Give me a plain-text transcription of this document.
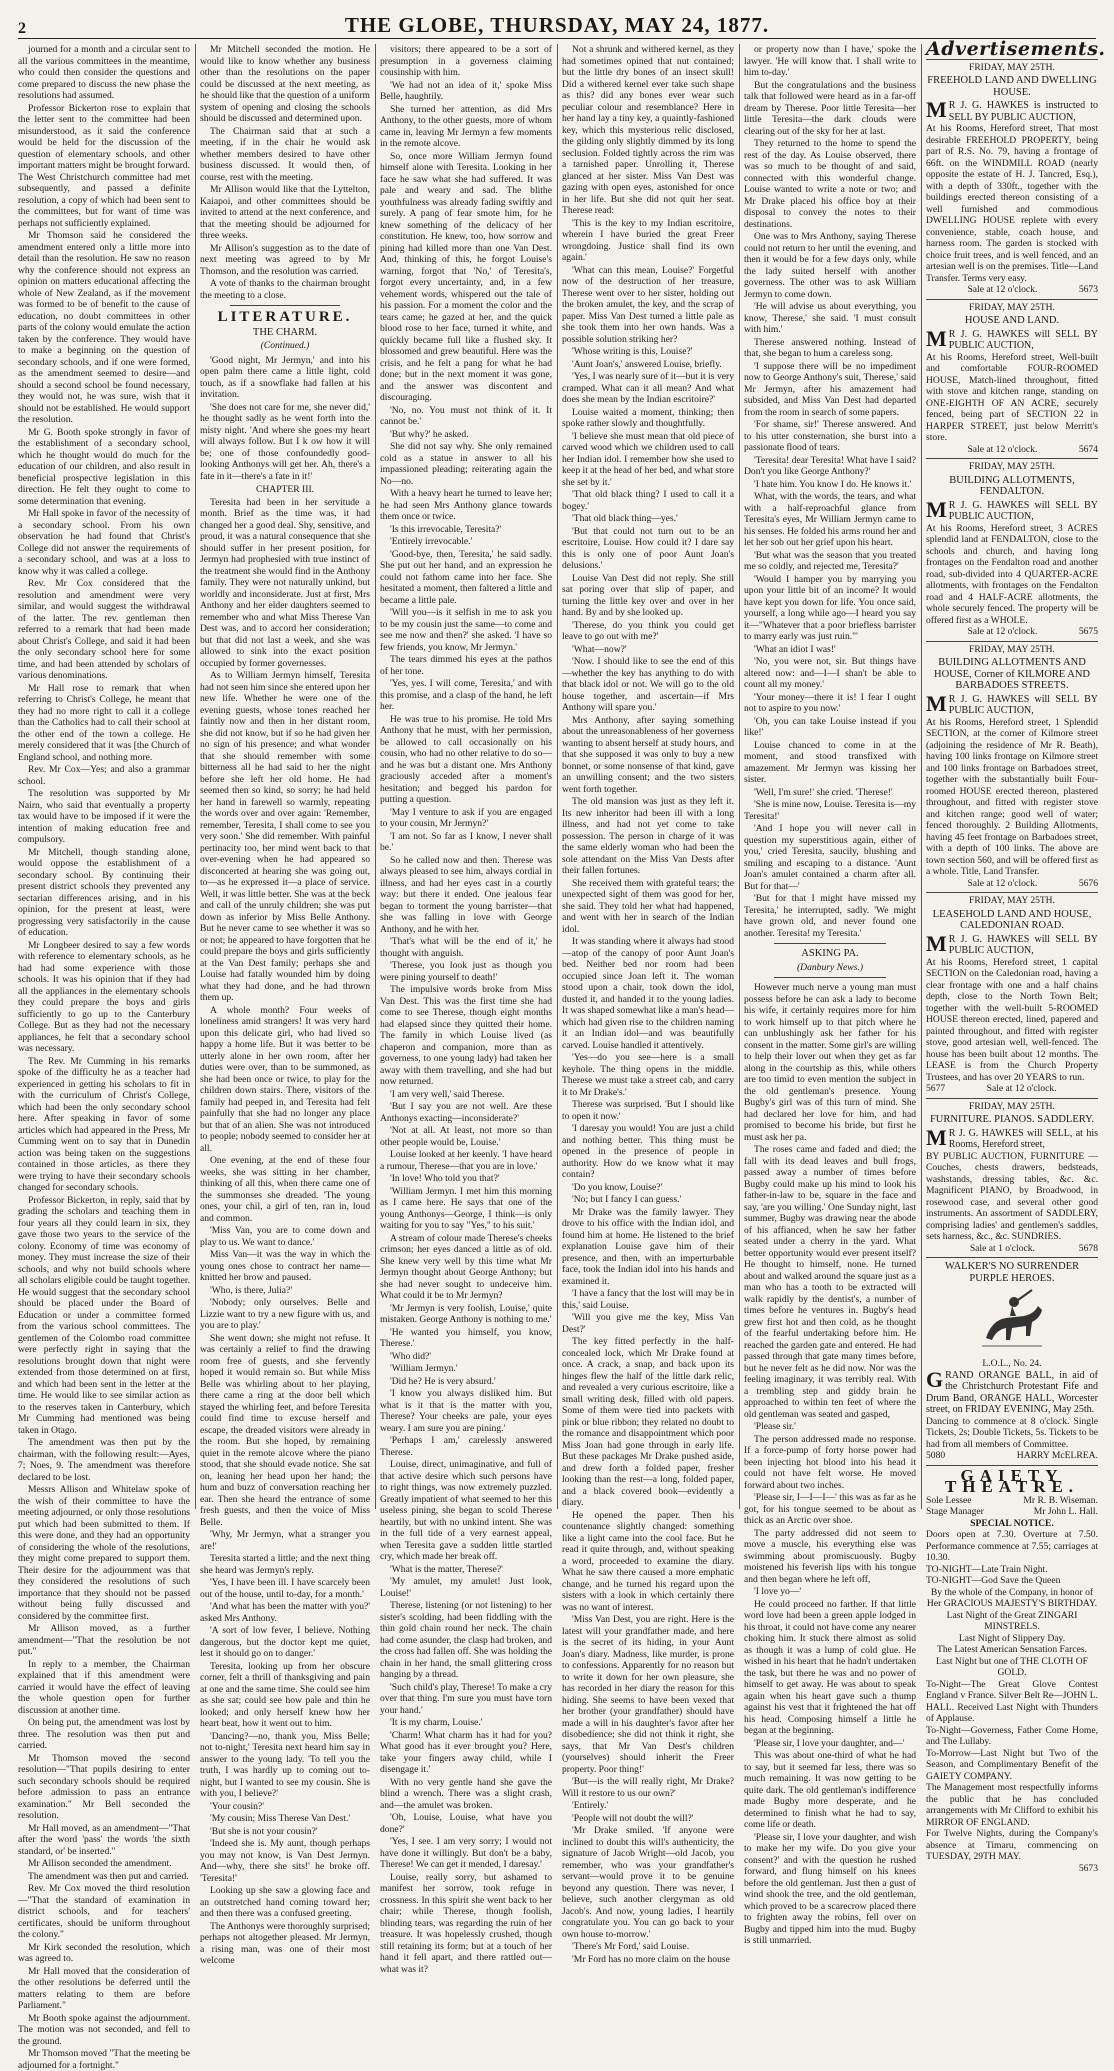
2	THE GLOBE, THURSDAY, MAY 24, 1877.

journed for a month and a circular sent to all the various committees in the meantime, who could then consider the questions and come prepared to discuss the new phase the resolutions had assumed.

Professor Bickerton rose to explain that the letter sent to the committee had been misunderstood, as it said the conference would be held for the discussion of the question of elementary schools, and other important matters might be brought forward. The West Christchurch committee had met subsequently, and passed a definite resolution, a copy of which had been sent to the committees, but for want of time was perhaps not sufficiently explained.

Mr Thomson said he considered the amendment entered only a little more into detail than the resolution. He saw no reason why the conference should not express an opinion on matters educational affecting the whole of New Zealand, as if the movement was formed to be of benefit to the cause of education, no doubt committees in other parts of the colony would emulate the action taken by the conference. They would have to make a beginning on the question of secondary schools, and if one were formed, as the amendment seemed to desire—and should a second school be found necessary, they would not, he was sure, wish that it should not be established. He would support the resolution.

Mr G. Booth spoke strongly in favor of the establishment of a secondary school, which he thought would do much for the education of our children, and also result in beneficial prospective legislation in this direction. He felt they ought to come to some determination that evening.

Mr Hall spoke in favor of the necessity of a secondary school. From his own observation he had found that Christ's College did not answer the requirements of a secondary school, and was at a loss to know why it was called a college.

Rev. Mr Cox considered that the resolution and amendment were very similar, and would suggest the withdrawal of the latter. The rev. gentleman then referred to a remark that had been made about Christ's College, and said it had been the only secondary school here for some time, and had been attended by scholars of various denominations.

Mr Hall rose to remark that when referring to Christ's College, he meant that they had no more right to call it a college than the Catholics had to call their school at the other end of the town a college. He merely considered that it was [the Church of England school, and nothing more.

Rev. Mr Cox—Yes; and also a grammar school.

The resolution was supported by Mr Nairn, who said that eventually a property tax would have to be imposed if it were the intention of making education free and compulsory.

Mr Mitchell, though standing alone, would oppose the establishment of a secondary school. By continuing their present district schools they prevented any sectarian differences arising, and in his opinion, for the present at least, were progressing very satisfactorily in the cause of education.

Mr Longbeer desired to say a few words with reference to elementary schools, as he had had some experience with those schools. It was his opinion that if they had all the appliances in the elementary schools they could prepare the boys and girls sufficiently to go up to the Canterbury College. But as they had not the necessary appliances, he felt that a secondary school was necessary.

The Rev. Mr Cumming in his remarks spoke of the difficulty he as a teacher had experienced in getting his scholars to fit in with the curriculum of Christ's College, which had been the only secondary school here. After speaking in favor of some articles which had appeared in the Press, Mr Cumming went on to say that in Dunedin action was being taken on the suggestions contained in those articles, as there they were trying to have their secondary schools changed for secondary schools.

Professor Bickerton, in reply, said that by grading the scholars and teaching them in four years all they could learn in six, they gave those two years to the service of the colony. Economy of time was economy of money. They must increase the size of their schools, and why not build schools where all scholars eligible could be taught together. He would suggest that the secondary school should be placed under the Board of Education or under a committee formed from the various school committees. The gentlemen of the Colombo road committee were perfectly right in saying that the resolutions brought down that night were extended from those determined on at first, and which had been sent in the letter at the time. He would like to see similar action as to the reserves taken in Canterbury, which Mr Cumming had mentioned was being taken in Otago.

The amendment was then put by the chairman, with the following result:—Ayes, 7; Noes, 9. The amendment was therefore declared to be lost.

Messrs Allison and Whitelaw spoke of the wish of their committee to have the meeting adjourned, or only those resolutions put which had been submitted to them. If this were done, and they had an opportunity of considering the whole of the resolutions, they might come prepared to support them. Their desire for the adjournment was that they considered the resolutions of such importance that they should not be passed without being fully discussed and considered by the committee first.

Mr Allison moved, as a further amendment—"That the resolution be not put."

In reply to a member, the Chairman explained that if this amendment were carried it would have the effect of leaving the whole question open for further discussion at another time.

On being put, the amendment was lost by three. The resolution was then put and carried.

Mr Thomson moved the second resolution—"That pupils desiring to enter such secondary schools should be required before admission to pass an entrance examination." Mr Bell seconded the resolution.

Mr Hall moved, as an amendment—"That after the word 'pass' the words 'the sixth standard, or' be inserted."

Mr Allison seconded the amendment.

The amendment was then put and carried.

Rev. Mr Cox moved the third resolution—"That the standard of examination in district schools, and for teachers' certificates, should be uniform throughout the colony."

Mr Kirk seconded the resolution, which was agreed to.

Mr Hall moved that the consideration of the other resolutions be deferred until the matters relating to them are before Parliament."

Mr Booth spoke against the adjournment. The motion was not seconded, and fell to the ground.

Mr Thomson moved "That the meeting be adjourned for a fortnight."

Mr Mitchell seconded the motion. He would like to know whether any business other than the resolutions on the paper could be discussed at the next meeting, as he should like that the question of a uniform system of opening and closing the schools should be discussed and determined upon.

The Chairman said that at such a meeting, if in the chair he would ask whether members desired to have other business discussed. It would then, of course, rest with the meeting.

Mr Allison would like that the Lyttelton, Kaiapoi, and other committees should be invited to attend at the next conference, and that the meeting should be adjourned for three weeks.

Mr Allison's suggestion as to the date of next meeting was agreed to by Mr Thomson, and the resolution was carried.

A vote of thanks to the chairman brought the meeting to a close.

LITERATURE.
THE CHARM.
(Continued.)

'Good night, Mr Jermyn,' and into his open palm there came a little light, cold touch, as if a snowflake had fallen at his invitation.

'She does not care for me, she never did,' he thought sadly as he went forth into the misty night. 'And where she goes my heart will always follow. But I k ow how it will be; one of those confoundedly good-looking Anthonys will get her. Ah, there's a fate in it—there's a fate in it!'

CHAPTER III.

Teresita had been in her servitude a month. Brief as the time was, it had changed her a good deal. Shy, sensitive, and proud, it was a natural consequence that she should suffer in her present position, for Jermyn had prophesied with true instinct of the treatment she would find in the Anthony family. They were not naturally unkind, but worldly and inconsiderate. Just at first, Mrs Anthony and her elder daughters seemed to remember who and what Miss Therese Van Dest was, and to accord her consideration; but that did not last a week, and she was allowed to sink into the exact position occupied by former governesses.

As to William Jermyn himself, Teresita had not seen him since she entered upon her new life. Whether he were one of the evening guests, whose tones reached her faintly now and then in her distant room, she did not know, but if so he had given her no sign of his presence; and what wonder that she should remember with some bitterness all he had said to her the night before she left her old home. He had seemed then so kind, so sorry; he had held her hand in farewell so warmly, repeating the words over and over again: 'Remember, remember, Teresita, I shall come to see you very soon.' She did remember. With painful pertinacity too, her mind went back to that over-evening when he had appeared so disconcerted at hearing she was going out, to—as he expressed it—a place of service. Well, it was little better. She was at the beck and call of the unruly children; she was put down as inferior by Miss Belle Anthony. But he never came to see whether it was so or not; he appeared to have forgotten that he could prepare the boys and girls sufficiently at the Van Dest family; perhaps she and Louise had fatally wounded him by doing what they had done, and he had thrown them up.

A whole month? Four weeks of loneliness amid strangers! It was very hard upon this delicate girl, who had lived so happy a home life. But it was better to be utterly alone in her own room, after her duties were over, than to be summoned, as she had been once or twice, to play for the children down stairs. There, visitors of the family had peeped in, and Teresita had felt painfully that she had no longer any place but that of an alien. She was not introduced to people; nobody seemed to consider her at all.

One evening, at the end of these four weeks, she was sitting in her chamber, thinking of all this, when there came one of the summonses she dreaded. 'The young ones, your chil, a girl of ten, ran in, loud and common.

'Miss Van, you are to come down and play to us. We want to dance.'

Miss Van—it was the way in which the young ones chose to contract her name—knitted her brow and paused.

'Who, is there, Julia?'

'Nobody; only ourselves. Belle and Lizzie want to try a new figure with us, and you are to play.'

She went down; she might not refuse. It was certainly a relief to find the drawing room free of guests, and she fervently hoped it would remain so. But while Miss Belle was whirling about to her playing, there came a ring at the door bell which stayed the whirling feet, and before Teresita could find time to excuse herself and escape, the dreaded visitors were already in the room. But she hoped, by remaining quiet in the remote alcove where the piano stood, that she should evade notice. She sat on, leaning her head upon her hand; the hum and buzz of conversation reaching her ear. Then she heard the entrance of some fresh guests, and then the voice of Miss Belle.

'Why, Mr Jermyn, what a stranger you are!'

Teresita started a little; and the next thing she heard was Jermyn's reply.

'Yes, I have been ill. I have scarcely been out of the house, until to-day, for a month.'

'And what has been the matter with you?' asked Mrs Anthony.

'A sort of low fever, I believe. Nothing dangerous, but the doctor kept me quiet, lest it should go on to danger.'

Teresita, looking up from her obscure corner, felt a thrill of thanksgiving and pain at one and the same time. She could see him as she sat; could see how pale and thin he looked; and only herself knew how her heart beat, how it went out to him.

'Dancing?—no, thank you, Miss Belle; not to-night,' Teresita next heard him say in answer to the young lady. 'To tell you the truth, I was hardly up to coming out to-night, but I wanted to see my cousin. She is with you, I believe?'

'Your cousin?'

'My cousin; Miss Therese Van Dest.'

'But she is not your cousin?'

'Indeed she is. My aunt, though perhaps you may not know, is Van Dest Jermyn. And—why, there she sits!' he broke off. 'Teresita!'

Looking up she saw a glowing face and an outstretched hand coming toward her; and then there was a confused greeting.

The Anthonys were thoroughly surprised; perhaps not altogether pleased. Mr Jermyn, a rising man, was one of their most welcome

visitors; there appeared to be a sort of presumption in a governess claiming cousinship with him.

'We had not an idea of it,' spoke Miss Belle, haughtily.

She turned her attention, as did Mrs Anthony, to the other guests, more of whom came in, leaving Mr Jermyn a few moments in the remote alcove.

So, once more William Jermyn found himself alone with Teresita. Looking in her face he saw what she had suffered. It was pale and weary and sad. The blithe youthfulness was already fading swiftly and surely. A pang of fear smote him, for he knew something of the delicacy of her constitution. He knew, too, how sorrow and pining had killed more than one Van Dest. And, thinking of this, he forgot Louise's warning, forgot that 'No,' of Teresita's, forgot every uncertainty, and, in a few vehement words, whispered out the tale of his passion. For a moment the color and the tears came; he gazed at her, and the quick blood rose to her face, turned it white, and quickly became full like a flushed sky. It blossomed and grew beautiful. Here was the crisis, and he felt a pang for what he had done; but in the next moment it was gone, and the answer was discontent and discouraging.

'No, no. You must not think of it. It cannot be.'

'But why?' he asked.

She did not say why. She only remained cold as a statue in answer to all his impassioned pleading; reiterating again the No—no.

With a heavy heart he turned to leave her; he had seen Mrs Anthony glance towards them once or twice.

'Is this irrevocable, Teresita?'

'Entirely irrevocable.'

'Good-bye, then, Teresita,' he said sadly. She put out her hand, and an expression he could not fathom came into her face. She hesitated a moment, then faltered a little and became a little pale.

'Will you—is it selfish in me to ask you to be my cousin just the same—to come and see me now and then?' she asked. 'I have so few friends, you know, Mr Jermyn.'

The tears dimmed his eyes at the pathos of her tone.

'Yes, yes. I will come, Teresita,' and with this promise, and a clasp of the hand, he left her.

He was true to his promise. He told Mrs Anthony that he must, with her permission, be allowed to call occasionally on his cousin, who had no other relative to do so—and he was but a distant one. Mrs Anthony graciously acceded after a moment's hesitation; and begged his pardon for putting a question.

'May I venture to ask if you are engaged to your cousin, Mr Jermyn?'

'I am not. So far as I know, I never shall be.'

So he called now and then. Therese was always pleased to see him, always cordial in illness, and had her eyes cast in a courtly way: but there it ended. One jealous fear began to torment the young barrister—that she was falling in love with George Anthony, and he with her.

'That's what will be the end of it,' he thought with anguish.

'Therese, you look just as though you were pining yourself to death!'

The impulsive words broke from Miss Van Dest. This was the first time she had come to see Therese, though eight months had elapsed since they quitted their home. The family in which Louise lived (as chaperon and companion, more than as governess, to one young lady) had taken her away with them travelling, and she had but now returned.

'I am very well,' said Therese.

'But I say you are not well. Are these Anthonys exacting—inconsiderate?'

'Not at all. At least, not more so than other people would be, Louise.'

Louise looked at her keenly. 'I have heard a rumour, Therese—that you are in love.'

'In love! Who told you that?'

'William Jermyn. I met him this morning as I came here. He says that one of the young Anthonys—George, I think—is only waiting for you to say "Yes," to his suit.'

A stream of colour made Therese's cheeks crimson; her eyes danced a little as of old. She knew very well by this time what Mr Jermyn thought about George Anthony; but she had never sought to undeceive him. What could it be to Mr Jermyn?

'Mr Jermyn is very foolish, Louise,' quite mistaken. George Anthony is nothing to me.'

'He wanted you himself, you know, Therese.'

'Who did?'

'William Jermyn.'

'Did he? He is very absurd.'

'I know you always disliked him. But what is it that is the matter with you, Therese? Your cheeks are pale, your eyes weary. I am sure you are pining.'

'Perhaps I am,' carelessly answered Therese.

Louise, direct, unimaginative, and full of that active desire which such persons have to right things, was now extremely puzzled. Greatly impatient of what seemed to her this useless pining, she began to scold Therese heartily, but with no unkind intent. She was in the full tide of a very earnest appeal, when Teresita gave a sudden little startled cry, which made her break off.

'What is the matter, Therese?'

'My amulet, my amulet! Just look, Louise!'

Therese, listening (or not listening) to her sister's scolding, had been fiddling with the thin gold chain round her neck. The chain had come asunder, the clasp had broken, and the cross had fallen off. She was holding the chain in her hand, the small glittering cross hanging by a thread.

'Such child's play, Therese! To make a cry over that thing. I'm sure you must have torn your hand.'

'It is my charm, Louise.'

'Charm! What charm has it had for you? What good has it ever brought you? Here, take your fingers away child, while I disengage it.'

With no very gentle hand she gave the blind a wrench. There was a slight crash, and—the amulet was broken.

'Oh, Louise, Louise, what have you done?'

'Yes, I see. I am very sorry; I would not have done it willingly. But don't be a baby, Therese! We can get it mended, I daresay.'

Louise, really sorry, but ashamed to manifest her sorrow, took refuge in crossness. In this spirit she went back to her chair; while Therese, though foolish, blinding tears, was regarding the ruin of her treasure. It was hopelessly crushed, though still retaining its form; but at a touch of her hand it fell apart, and there rattled out—what was it?

Not a shrunk and withered kernel, as they had sometimes opined that nut contained; but the little dry bones of an insect skull! Did a withered kernel ever take such shape as this? did any bones ever wear such peculiar colour and resemblance? Here in her hand lay a tiny key, a quaintly-fashioned key, which this mysterious relic disclosed, the gilding only slightly dimmed by its long seclusion. Folded tightly across the rim was a tarnished paper. Unrolling it, Therese glanced at her sister. Miss Van Dest was gazing with open eyes, astonished for once in her life. But she did not quit her seat. Therese read:

'This is the key to my Indian escritoire, wherein I have buried the great Freer wrongdoing. Justice shall find its own again.'

'What can this mean, Louise?' Forgetful now of the destruction of her treasure, Therese went over to her sister, holding out the broken amulet, the key, and the scrap of paper. Miss Van Dest turned a little pale as she took them into her own hands. Was a possible solution striking her?

'Whose writing is this, Louise?'

'Aunt Joan's,' answered Louise, briefly.

'Yes, I was nearly sure of it—but it is very cramped. What can it all mean? And what does she mean by the Indian escritoire?'

Louise waited a moment, thinking; then spoke rather slowly and thoughtfully.

'I believe she must mean that old piece of carved wood which we children used to call her Indian idol. I remember how she used to keep it at the head of her bed, and what store she set by it.'

'That old black thing? I used to call it a bogey.'

'That old black thing—yes.'

'But that could not turn out to be an escritoire, Louise. How could it? I dare say this is only one of poor Aunt Joan's delusions.'

Louise Van Dest did not reply. She still sat poring over that slip of paper, and turning the little key over and over in her hand. By and by she looked up.

'Therese, do you think you could get leave to go out with me?'

'What—now?'

'Now. I should like to see the end of this—whether the key has anything to do with that black idol or not. We will go to the old house together, and ascertain—if Mrs Anthony will spare you.'

Mrs Anthony, after saying something about the unreasonableness of her governess wanting to absent herself at study hours, and that she supposed it was only to buy a new bonnet, or some nonsense of that kind, gave an unwilling consent; and the two sisters went forth together.

The old mansion was just as they left it. Its new inheritor had been ill with a long illness, and had not yet come to take possession. The person in charge of it was the same elderly woman who had been the sole attendant on the Miss Van Dests after their fallen fortunes.

She received them with grateful tears; the unexpected sight of them was good for her, she said. They told her what had happened, and went with her in search of the Indian idol.

It was standing where it always had stood—atop of the canopy of poor Aunt Joan's bed. Neither bed nor room had been occupied since Joan left it. The woman stood upon a chair, took down the idol, dusted it, and handed it to the young ladies. It was shaped somewhat like a man's head—which had given rise to the children naming it an Indian idol—and was beautifully carved. Louise handled it attentively.

'Yes—do you see—here is a small keyhole. The thing opens in the middle. Therese we must take a street cab, and carry it to Mr Drake's.'

Therese was surprised. 'But I should like to open it now.'

'I daresay you would! You are just a child and nothing better. This thing must be opened in the presence of people in authority. How do we know what it may contain?

'Do you know, Louise?'

'No; but I fancy I can guess.'

Mr Drake was the family lawyer. They drove to his office with the Indian idol, and found him at home. He listened to the brief explanation Louise gave him of their presence, and then, with an imperturbable face, took the Indian idol into his hands and examined it.

'I have a fancy that the lost will may be in this,' said Louise.

'Will you give me the key, Miss Van Dest?'

The key fitted perfectly in the half-concealed lock, which Mr Drake found at once. A crack, a snap, and back upon its hinges flew the half of the little dark relic, and revealed a very curious escritoire, like a small writing desk, filled with old papers. Some of them were tied into packets with pink or blue ribbon; they related no doubt to the romance and disappointment which poor Miss Joan had gone through in early life. But these packages Mr Drake pushed aside, and drew forth a folded paper, fresher looking than the rest—a long, folded paper, and a black covered book—evidently a diary.

He opened the paper. Then his countenance slightly changed: something like a light came into the cool face. But he read it quite through, and, without speaking a word, proceeded to examine the diary. What he saw there caused a more emphatic change, and he turned his regard upon the sisters with a look in which certainly there was no want of interest.

'Miss Van Dest, you are right. Here is the latest will your grandfather made, and here is the secret of its hiding, in your Aunt Joan's diary. Madness, like murder, is prone to confessions. Apparently for no reason but to write it down for her own pleasure, she has recorded in her diary the reason for this hiding. She seems to have been vexed that her brother (your grandfather) should have made a will in his daughter's favor after her disobedience; she did not think it right, she says, that Mr Van Dest's children (yourselves) should inherit the Freer property. Poor thing!'

'But—is the will really right, Mr Drake? Will it restore to us our own?'

'Entirely.'

'People will not doubt the will?'

'Mr Drake smiled. 'If anyone were inclined to doubt this will's authenticity, the signature of Jacob Wright—old Jacob, you remember, who was your grandfather's servant—would prove it to be genuine beyond any question. There was never, I believe, such another clergyman as old Jacob's. And now, young ladies, I heartily congratulate you. You can go back to your own house to-morrow.'

'There's Mr Ford,' said Louise.

'Mr Ford has no more claim on the house

or property now than I have,' spoke the lawyer. 'He will know that. I shall write to him to-day.'

But the congratulations and the business talk that followed were heard as in a far-off dream by Therese. Poor little Teresita—her little Teresita—the dark clouds were clearing out of the sky for her at last.

They returned to the home to spend the rest of the day. As Louise observed, there was so much to be thought of and said, connected with this wonderful change. Louise wanted to write a note or two; and Mr Drake placed his office boy at their disposal to convey the notes to their destinations.

One was to Mrs Anthony, saying Therese could not return to her until the evening, and then it would be for a few days only, while the lady suited herself with another governess. The other was to ask William Jermyn to come down.

'He will advise us about everything, you know, Therese,' she said. 'I must consult with him.'

Therese answered nothing. Instead of that, she began to hum a careless song.

'I suppose there will be no impediment now to George Anthony's suit, Therese,' said Mr Jermyn, after his amazement had subsided, and Miss Van Dest had departed from the room in search of some papers.

'For shame, sir!' Therese answered. And to his utter consternation, she burst into a passionate flood of tears.

'Teresita! dear Teresita! What have I said? Don't you like George Anthony?'

'I hate him. You know I do. He knows it.'

What, with the words, the tears, and what with a half-reproachful glance from Teresita's eyes, Mr William Jermyn came to his senses. He folded his arms round her and let her sob out her grief upon his heart.

'But what was the season that you treated me so coldly, and rejected me, Teresita?'

'Would I hamper you by marrying you upon your little bit of an income? It would have kept you down for life. You once said, yourself, a long while ago—I heard you say it—"Whatever that a poor briefless barrister to marry early was just ruin."'

'What an idiot I was!'

'No, you were not, sir. But things have altered now: and—I—I shan't be able to count all my money.'

'Your money—there it is! I fear I ought not to aspire to you now.'

'Oh, you can take Louise instead if you like!'

Louise chanced to come in at the moment, and stood transfixed with amazement. Mr Jermyn was kissing her sister.

'Well, I'm sure!' she cried. 'Therese!'

'She is mine now, Louise. Teresita is—my Teresita!'

'And I hope you will never call in question my superstitious again, either of you,' cried Teresita, saucily, blushing and smiling and escaping to a distance. 'Aunt Joan's amulet contained a charm after all. But for that—'

'But for that I might have missed my Teresita,' he interrupted, sadly. 'We might have grown old, and never found one another. Teresita! my Teresita.'

ASKING PA.
(Danbury News.)

However much nerve a young man must possess before he can ask a lady to become his wife, it certainly requires more for him to work himself up to that pitch where he can unblushingly ask her father for his consent in the matter. Some girl's are willing to help their lover out when they get as far along in the courtship as this, while others are too timid to even mention the subject in the old gentleman's presence. Young Bugby's girl was of this turn of mind. She had declared her love for him, and had promised to become his bride, but first he must ask her pa.

The roses came and faded and died; the fall with its dead leaves and bull frogs, passed away a number of times before Bugby could make up his mind to look his father-in-law to be, square in the face and say, 'are you willing.' One Sunday night, last summer, Bugby was drawing near the abode of his affianced, when he saw her father seated under a cherry in the yard. What better opportunity would ever present itself? He thought to himself, none. He turned about and walked around the square just as a man who has a tooth to be extracted will walk rapidly by the dentist's, a number of times before he ventures in. Bugby's head grew first hot and then cold, as he thought of the fearful undertaking before him. He reached the garden gate and entered. He had passed through that gate many times before, but he never felt as he did now. Nor was the feeling imaginary, it was terribly real. With a trembling step and giddy brain he approached to within ten feet of where the old gentleman was seated and gasped,

'Please sir.'

The person addressed made no response. If a force-pump of forty horse power had been injecting hot blood into his head it could not have felt worse. He moved forward about two inches.

'Please sir, I—I—I—' this was as far as he got, for his tongue seemed to be about as thick as an Arctic over shoe.

The party addressed did not seem to move a muscle, his everything else was swimming about promiscuously. Bugby moistened his feverish lips with his tongue and then began where he left off,

'I love yo—'

He could proceed no farther. If that little word love had been a green apple lodged in his throat, it could not have come any nearer choking him. It stuck there almost as solid as though it was a lump of cold glue. He wished in his heart that he hadn't undertaken the task, but there he was and no power of himself to get away. He was about to speak again when his heart gave such a thump against his vest that it frightened the hat off his head. Composing himself a little he began at the beginning.

'Please sir, I love your daughter, and—'

This was about one-third of what he had to say, but it seemed far less, there was so much remaining. It was now getting to be quite dark. The old gentleman's indifference made Bugby more desperate, and he determined to finish what he had to say, come life or death.

'Please sir, I love your daughter, and wish to make her my wife. Do you give your consent?' and with the question he rushed forward, and flung himself on his knees before the old gentleman. Just then a gust of wind shook the tree, and the old gentleman, which proved to be a scarecrow placed there to frighten away the robins, fell over on Bugby and tipped him into the mud. Bugby is still unmarried.

Advertisements.
FRIDAY, MAY 25TH.
FREEHOLD LAND AND DWELLING HOUSE.
M R J. G. HAWKES is instructed to SELL BY PUBLIC AUCTION,
At his Rooms, Hereford street, That most desirable FREEHOLD PROPERTY, being part of R.S. No. 79, having a frontage of 66ft. on the WINDMILL ROAD (nearly opposite the estate of H. J. Tancred, Esq.), with a depth of 330ft., together with the buildings erected thereon consisting of a well furnished and commodious DWELLING HOUSE replete with every convenience, stable, coach house, and harness room. The garden is stocked with choice fruit trees, and is well fenced, and an artesian well is on the premises. Title—Land Transfer. Terms very easy.
Sale at 12 o'clock.	5673
FRIDAY, MAY 25TH.
HOUSE AND LAND.
M R J. G. HAWKES will SELL BY PUBLIC AUCTION,
At his Rooms, Hereford street, Well-built and comfortable FOUR-ROOMED HOUSE, Match-lined throughout, fitted with stove and kitchen range, standing on ONE-EIGHTH OF AN ACRE, securely fenced, being part of SECTION 22 in HARPER STREET, just below Merritt's store.
Sale at 12 o'clock.	5674
FRIDAY, MAY 25TH.
BUILDING ALLOTMENTS, FENDALTON.
M R J. G. HAWKES will SELL BY PUBLIC AUCTION,
At his Rooms, Hereford street, 3 ACRES splendid land at FENDALTON, close to the schools and church, and having long frontages on the Fendalton road and another road, sub-divided into 4 QUARTER-ACRE allotments, with frontages on the Fendalton road and 4 HALF-ACRE allotments, the whole securely fenced. The property will be offered first as a WHOLE.
Sale at 12 o'clock.	5675
FRIDAY, MAY 25TH.
BUILDING ALLOTMENTS AND HOUSE, Corner of KILMORE AND BARBADOES STREETS.
M R J. G. HAWKES will SELL BY PUBLIC AUCTION,
At his Rooms, Hereford street, 1 Splendid SECTION, at the corner of Kilmore street (adjoining the residence of Mr R. Beath), having 100 links frontage on Kilmore street and 100 links frontage on Barbadoes street, together with the substantially built Four-roomed HOUSE erected thereon, plastered throughout, and fitted with register stove and kitchen range; good well of water; fenced thoroughly. 2 Building Allotments, having 45 feet frontage on Barbadoes street, with a depth of 100 links. The above are town section 560, and will be offered first as a whole. Title, Land Transfer.
Sale at 12 o'clock.	5676
FRIDAY, MAY 25TH.
LEASEHOLD LAND AND HOUSE, CALEDONIAN ROAD.
M R J. G. HAWKES will SELL BY PUBLIC AUCTION,
At his Rooms, Hereford street, 1 capital SECTION on the Caledonian road, having a clear frontage with one and a half chains depth, close to the North Town Belt; together with the well-built 5-ROOMED HOUSE thereon erected, lined, papered and painted throughout, and fitted with register stove, good artesian well, well-fenced. The house has been built about 12 months. The LEASE is from the Church Property Trustees, and has over 20 YEARS to run.
5677	Sale at 12 o'clock.
FRIDAY, MAY 25TH.
FURNITURE. PIANOS. SADDLERY.
M R J. G. HAWKES will SELL, at his Rooms, Hereford street,
BY PUBLIC AUCTION, FURNITURE — Couches, chests drawers, bedsteads, washstands, dressing tables, &c. &c. Magnificent PIANO, by Broadwood, in rosewood case, and several other good instruments. An assortment of SADDLERY, comprising ladies' and gentlemen's saddles, sets harness, &c., &c. SUNDRIES.
Sale at 1 o'clock.	5678
WALKER'S NO SURRENDER PURPLE HEROES.
L.O.L., No. 24.
GRAND ORANGE BALL, in aid of the Christchurch Protestant Fife and Drum Band, ORANGE HALL, Worcester street, on FRIDAY EVENING, May 25th.
Dancing to commence at 8 o'clock. Single Tickets, 2s; Double Tickets, 5s. Tickets to be had from all members of Committee.
5080	HARRY McELREA.
GAIETY THEATRE.
Sole Lessee	Mr R. B. Wiseman.
Stage Manager	Mr John L. Hall.
SPECIAL NOTICE.
Doors open at 7.30. Overture at 7.50. Performance commence at 7.55; carriages at 10.30.
TO-NIGHT—Late Train Night.
TO-NIGHT—God Save the Queen
By the whole of the Company, in honor of Her GRACIOUS MAJESTY'S BIRTHDAY.
Last Night of the Great ZINGARI MINSTRELS.
Last Night of Slippery Day.
The Latest American Sensation Farces.
Last Night but one of THE CLOTH OF GOLD.
To-Night—The Great Glove Contest England v France. Silver Belt Re—JOHN L. HALL. Received Last Night with Thunders of Applause.
To-Night—Governess, Father Come Home, and The Lullaby.
To-Morrow—Last Night but Two of the Season, and Complimentary Benefit of the GAIETY COMPANY.
The Management most respectfully informs the public that he has concluded arrangements with Mr Clifford to exhibit his MIRROR OF ENGLAND.
For Twelve Nights, during the Company's absence at Timaru, commencing on TUESDAY, 29TH MAY.
5673
